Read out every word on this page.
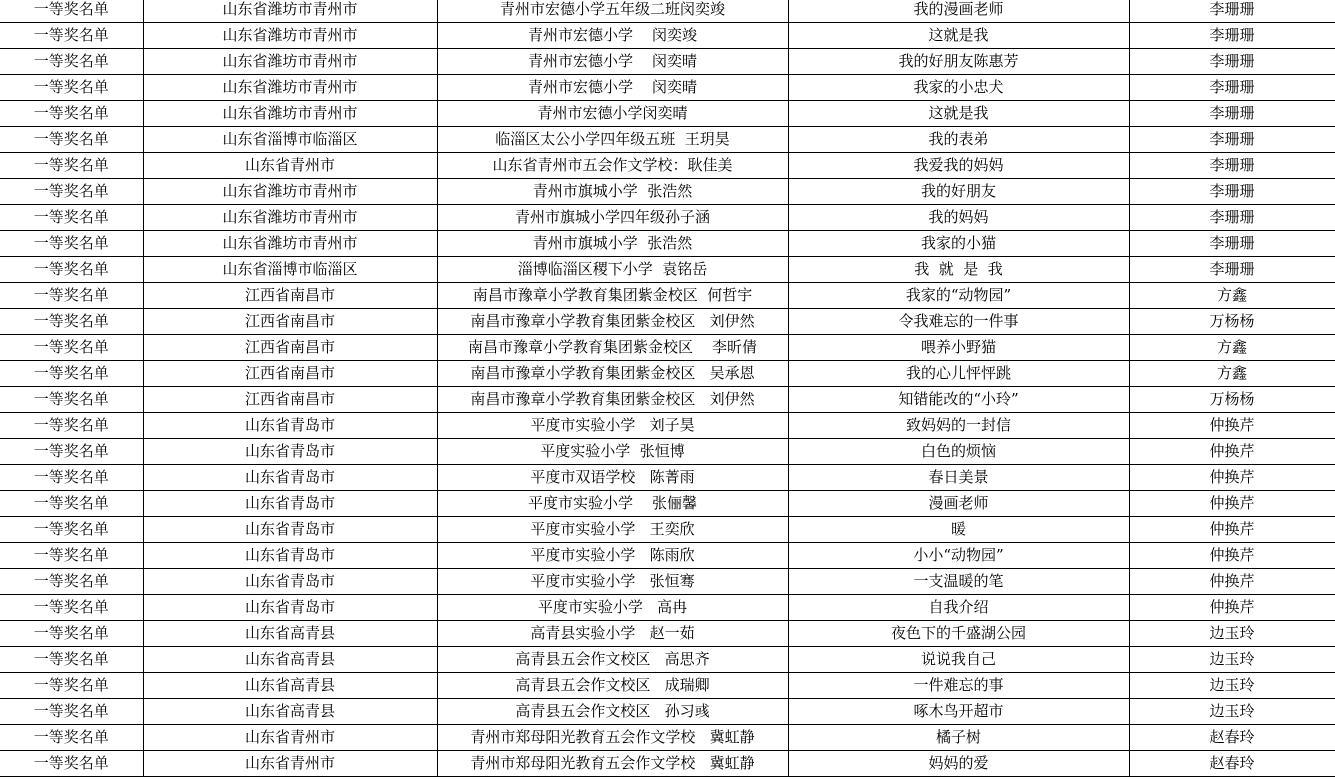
一等奖名单	山东省潍坊市青州市	青州市宏德小学五年级二班闵奕竣	我的漫画老师	李珊珊
一等奖名单	山东省潍坊市青州市	青州市宏德小学    闵奕竣	这就是我	李珊珊
一等奖名单	山东省潍坊市青州市	青州市宏德小学    闵奕晴	我的好朋友陈惠芳	李珊珊
一等奖名单	山东省潍坊市青州市	青州市宏德小学    闵奕晴	我家的小忠犬	李珊珊
一等奖名单	山东省潍坊市青州市	青州市宏德小学闵奕晴	这就是我	李珊珊
一等奖名单	山东省淄博市临淄区	临淄区太公小学四年级五班  王玥昊	我的表弟	李珊珊
一等奖名单	山东省青州市	山东省青州市五会作文学校：耿佳美	我爱我的妈妈	李珊珊
一等奖名单	山东省潍坊市青州市	青州市旗城小学  张浩然	我的好朋友	李珊珊
一等奖名单	山东省潍坊市青州市	青州市旗城小学四年级孙子涵	我的妈妈	李珊珊
一等奖名单	山东省潍坊市青州市	青州市旗城小学  张浩然	我家的小猫	李珊珊
一等奖名单	山东省淄博市临淄区	淄博临淄区稷下小学  袁铭岳	我  就  是  我	李珊珊
一等奖名单	江西省南昌市	南昌市豫章小学教育集团紫金校区  何哲宇	我家的“动物园”	方鑫
一等奖名单	江西省南昌市	南昌市豫章小学教育集团紫金校区   刘伊然	令我难忘的一件事	万杨杨
一等奖名单	江西省南昌市	南昌市豫章小学教育集团紫金校区    李昕倩	喂养小野猫	方鑫
一等奖名单	江西省南昌市	南昌市豫章小学教育集团紫金校区   吴承恩	我的心儿怦怦跳	方鑫
一等奖名单	江西省南昌市	南昌市豫章小学教育集团紫金校区   刘伊然	知错能改的“小玲”	万杨杨
一等奖名单	山东省青岛市	平度市实验小学   刘子昊	致妈妈的一封信	仲换芹
一等奖名单	山东省青岛市	平度实验小学  张恒博	白色的烦恼	仲换芹
一等奖名单	山东省青岛市	平度市双语学校   陈菁雨	春日美景	仲换芹
一等奖名单	山东省青岛市	平度市实验小学    张俪馨	漫画老师	仲换芹
一等奖名单	山东省青岛市	平度市实验小学   王奕欣	暖	仲换芹
一等奖名单	山东省青岛市	平度市实验小学   陈雨欣	小小“动物园”	仲换芹
一等奖名单	山东省青岛市	平度市实验小学   张恒骞	一支温暖的笔	仲换芹
一等奖名单	山东省青岛市	平度市实验小学   高冉	自我介绍	仲换芹
一等奖名单	山东省高青县	高青县实验小学   赵一茹	夜色下的千盛湖公园	边玉玲
一等奖名单	山东省高青县	高青县五会作文校区   高思齐	说说我自己	边玉玲
一等奖名单	山东省高青县	高青县五会作文校区   成瑞卿	一件难忘的事	边玉玲
一等奖名单	山东省高青县	高青县五会作文校区   孙习彧	啄木鸟开超市	边玉玲
一等奖名单	山东省青州市	青州市郑母阳光教育五会作文学校   冀虹静	橘子树	赵春玲
一等奖名单	山东省青州市	青州市郑母阳光教育五会作文学校   冀虹静	妈妈的爱	赵春玲
